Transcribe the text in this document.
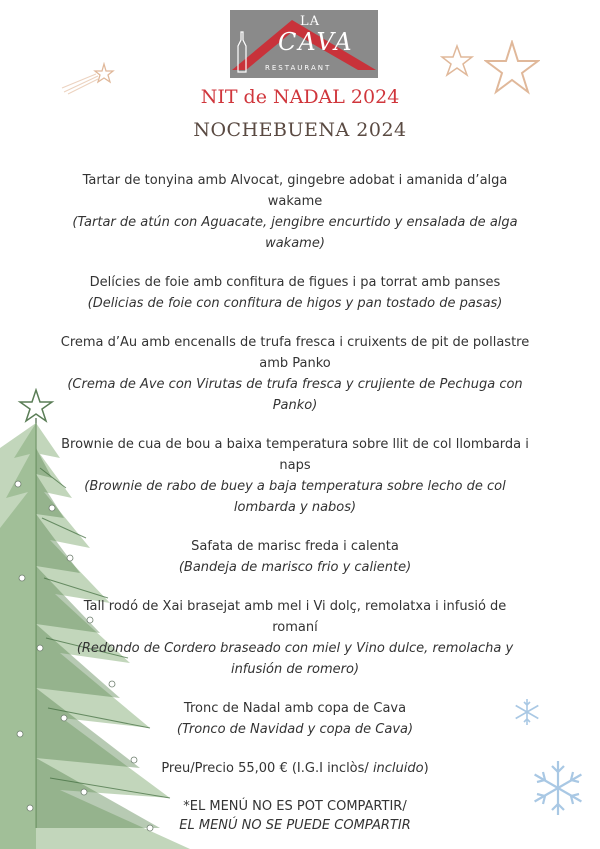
LA
CAVA
RESTAURANT
NIT de NADAL 2024
NOCHEBUENA 2024
Tartar de tonyina amb Alvocat, gingebre adobat i amanida d’alga wakame
(Tartar de atún con Aguacate, jengibre encurtido y ensalada de alga wakame)
Delícies de foie amb confitura de figues i pa torrat amb panses
(Delicias de foie con confitura de higos y pan tostado de pasas)
Crema d’Au amb encenalls de trufa fresca i cruixents de pit de pollastre amb Panko
(Crema de Ave con Virutas de trufa fresca y crujiente de Pechuga con Panko)
Brownie de cua de bou a baixa temperatura sobre llit de col llombarda i naps
(Brownie de rabo de buey a baja temperatura sobre lecho de col lombarda y nabos)
Safata de marisc freda i calenta
(Bandeja de marisco frio y caliente)
Tall rodó de Xai brasejat amb mel i Vi dolç, remolatxa i infusió de romaní
(Redondo de Cordero braseado con miel y Vino dulce, remolacha y infusión de romero)
Tronc de Nadal amb copa de Cava
(Tronco de Navidad y copa de Cava)
Preu/Precio 55,00 € (I.G.I inclòs/ incluido)
*EL MENÚ NO ES POT COMPARTIR/
EL MENÚ NO SE PUEDE COMPARTIR
